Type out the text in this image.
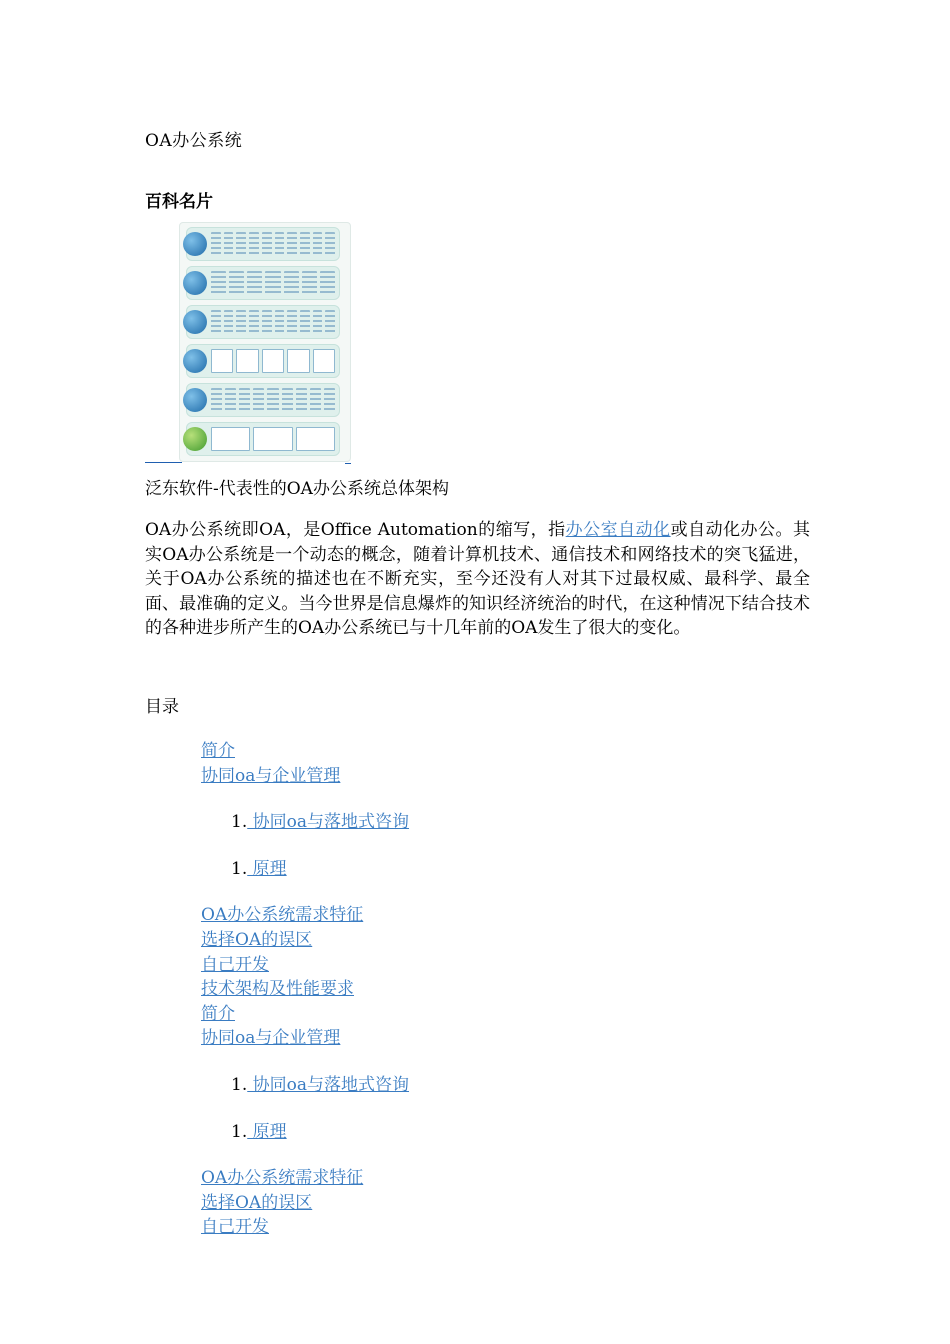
OA办公系统
百科名片
泛东软件-代表性的OA办公系统总体架构
OA办公系统即OA，是Office Automation的缩写，指办公室自动化或自动化办公。其实OA办公系统是一个动态的概念，随着计算机技术、通信技术和网络技术的突飞猛进，关于OA办公系统的描述也在不断充实，至今还没有人对其下过最权威、最科学、最全面、最准确的定义。当今世界是信息爆炸的知识经济统治的时代，在这种情况下结合技术的各种进步所产生的OA办公系统已与十几年前的OA发生了很大的变化。
目录
简介
协同oa与企业管理
1. 协同oa与落地式咨询
1. 原理
OA办公系统需求特征
选择OA的误区
自己开发
技术架构及性能要求
简介
协同oa与企业管理
1. 协同oa与落地式咨询
1. 原理
OA办公系统需求特征
选择OA的误区
自己开发
